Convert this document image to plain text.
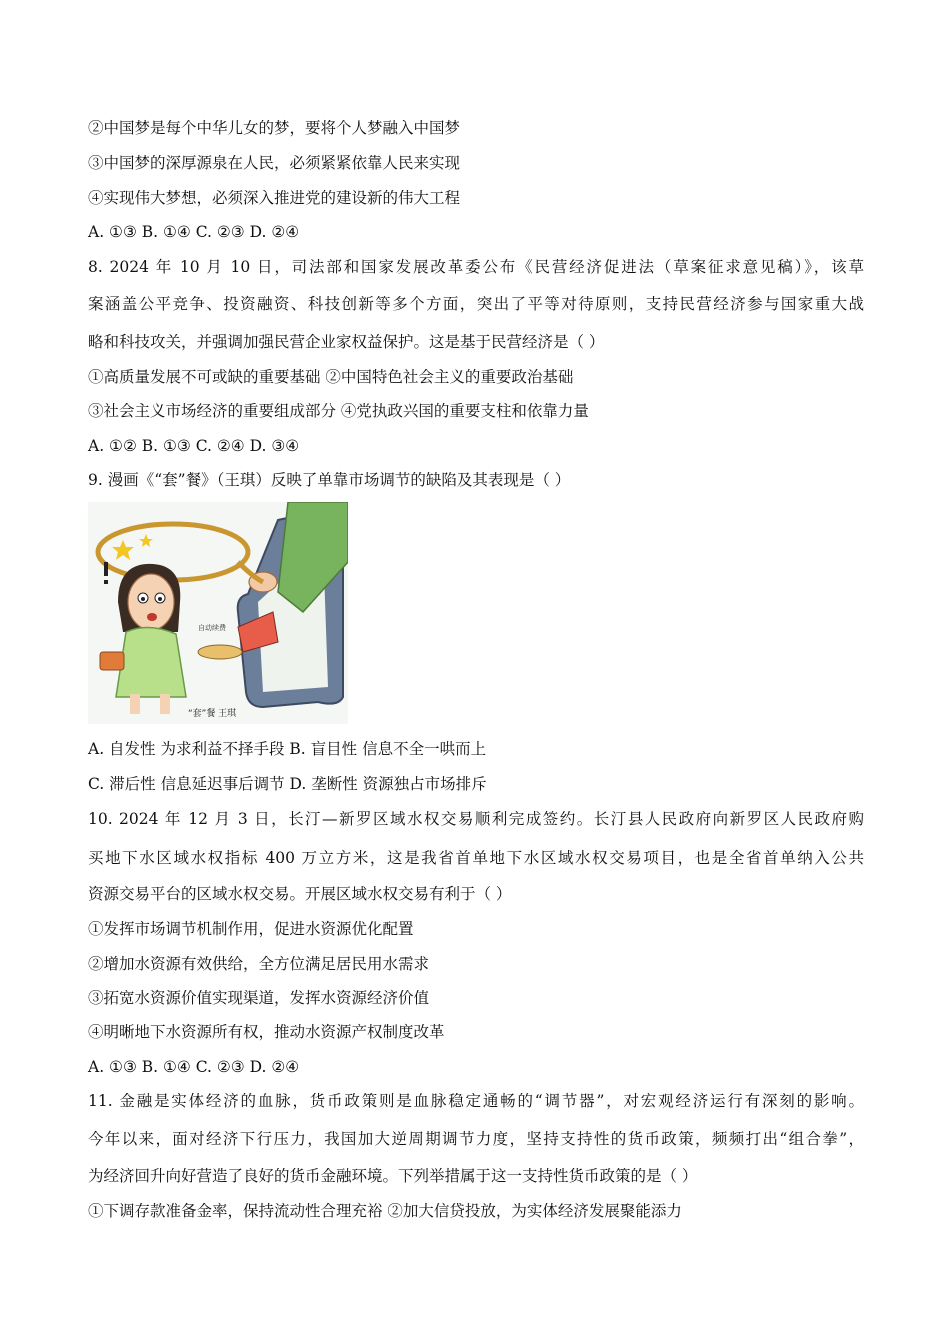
②中国梦是每个中华儿女的梦，要将个人梦融入中国梦
③中国梦的深厚源泉在人民，必须紧紧依靠人民来实现
④实现伟大梦想，必须深入推进党的建设新的伟大工程
A. ①③ B. ①④ C. ②③ D. ②④
8. 2024 年 10 月 10 日，司法部和国家发展改革委公布《民营经济促进法（草案征求意见稿）》，该草
案涵盖公平竞争、投资融资、科技创新等多个方面，突出了平等对待原则，支持民营经济参与国家重大战
略和科技攻关，并强调加强民营企业家权益保护。这是基于民营经济是（ ）
①高质量发展不可或缺的重要基础 ②中国特色社会主义的重要政治基础
③社会主义市场经济的重要组成部分 ④党执政兴国的重要支柱和依靠力量
A. ①② B. ①③ C. ②④ D. ③④
9. 漫画《“套”餐》（王琪）反映了单靠市场调节的缺陷及其表现是（ ）
自动续费
“套”餐 王琪
A. 自发性 为求利益不择手段 B. 盲目性 信息不全一哄而上
C. 滞后性 信息延迟事后调节 D. 垄断性 资源独占市场排斥
10. 2024 年 12 月 3 日，长汀—新罗区域水权交易顺利完成签约。长汀县人民政府向新罗区人民政府购
买地下水区域水权指标 400 万立方米，这是我省首单地下水区域水权交易项目，也是全省首单纳入公共
资源交易平台的区域水权交易。开展区域水权交易有利于（ ）
①发挥市场调节机制作用，促进水资源优化配置
②增加水资源有效供给，全方位满足居民用水需求
③拓宽水资源价值实现渠道，发挥水资源经济价值
④明晰地下水资源所有权，推动水资源产权制度改革
A. ①③ B. ①④ C. ②③ D. ②④
11. 金融是实体经济的血脉，货币政策则是血脉稳定通畅的“调节器”，对宏观经济运行有深刻的影响。
今年以来，面对经济下行压力，我国加大逆周期调节力度，坚持支持性的货币政策，频频打出“组合拳”，
为经济回升向好营造了良好的货币金融环境。下列举措属于这一支持性货币政策的是（ ）
①下调存款准备金率，保持流动性合理充裕 ②加大信贷投放，为实体经济发展聚能添力
